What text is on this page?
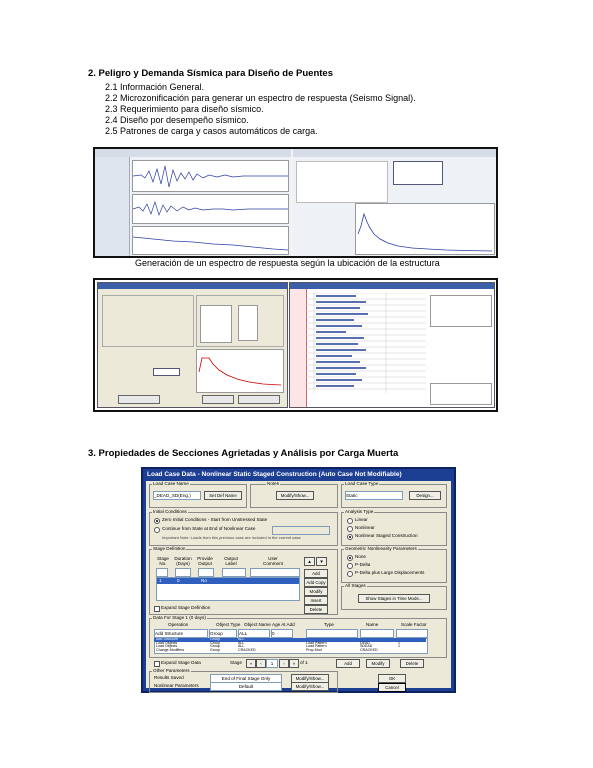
2. Peligro y Demanda Sísmica para Diseño de Puentes
2.1 Información General.
2.2 Microzonificación para generar un espectro de respuesta (Seismo Signal).
2.3 Requerimiento para diseño sísmico.
2.4 Diseño por desempeño sísmico.
2.5 Patrones de carga y casos automáticos de carga.
Generación de un espectro de respuesta según la ubicación de la estructura
3. Propiedades de Secciones Agrietadas y Análisis por Carga Muerta
Load Case Data - Nonlinear Static Staged Construction (Auto Case Not Modifiable)
Load Case Name
_DEAD_SD(Eng.)	Set Def Name
Notes
Modify/Show...
Load Case Type
Static	Design...
Initial Conditions
Zero Initial Conditions - Start from Unstressed State
Continue from State at End of Nonlinear Case
Important Note: Loads from this previous case are included in the current case
Analysis Type
Linear
Nonlinear
Nonlinear Staged Construction
Stage Definition
Stage No.
Duration (Days)
Provide Output
Output Label
User Comment
1	0	No
▲	▼
Add
Add Copy
Modify
Insert
Delete
Expand Stage Definition
Geometric Nonlinearity Parameters
None
P-Delta
P-Delta plus Large Displacements
All Stages
Show Stages in Time Mode...
Data For Stage 1 (0 days)
Operation	Object Type Object Name Age At Add	Type	Name	Scale Factor
Add Structure	Group	ALL	0
Add Structure	Group	ALL
Load Objects	Group	ALL	Load Pattern	DEAD	1
Load Objects	Group	ALL	Load Pattern	SDEAD	1
Change Modifiers	Group	CRACKED	Prop Mod	CRACKED
Expand Stage Data	Stage	«	‹	1	›	»	of 1	Add	Modify	Delete
Other Parameters
Results Saved	End of Final Stage Only	Modify/Show...
Nonlinear Parameters	Default	Modify/Show...
OK
Cancel
